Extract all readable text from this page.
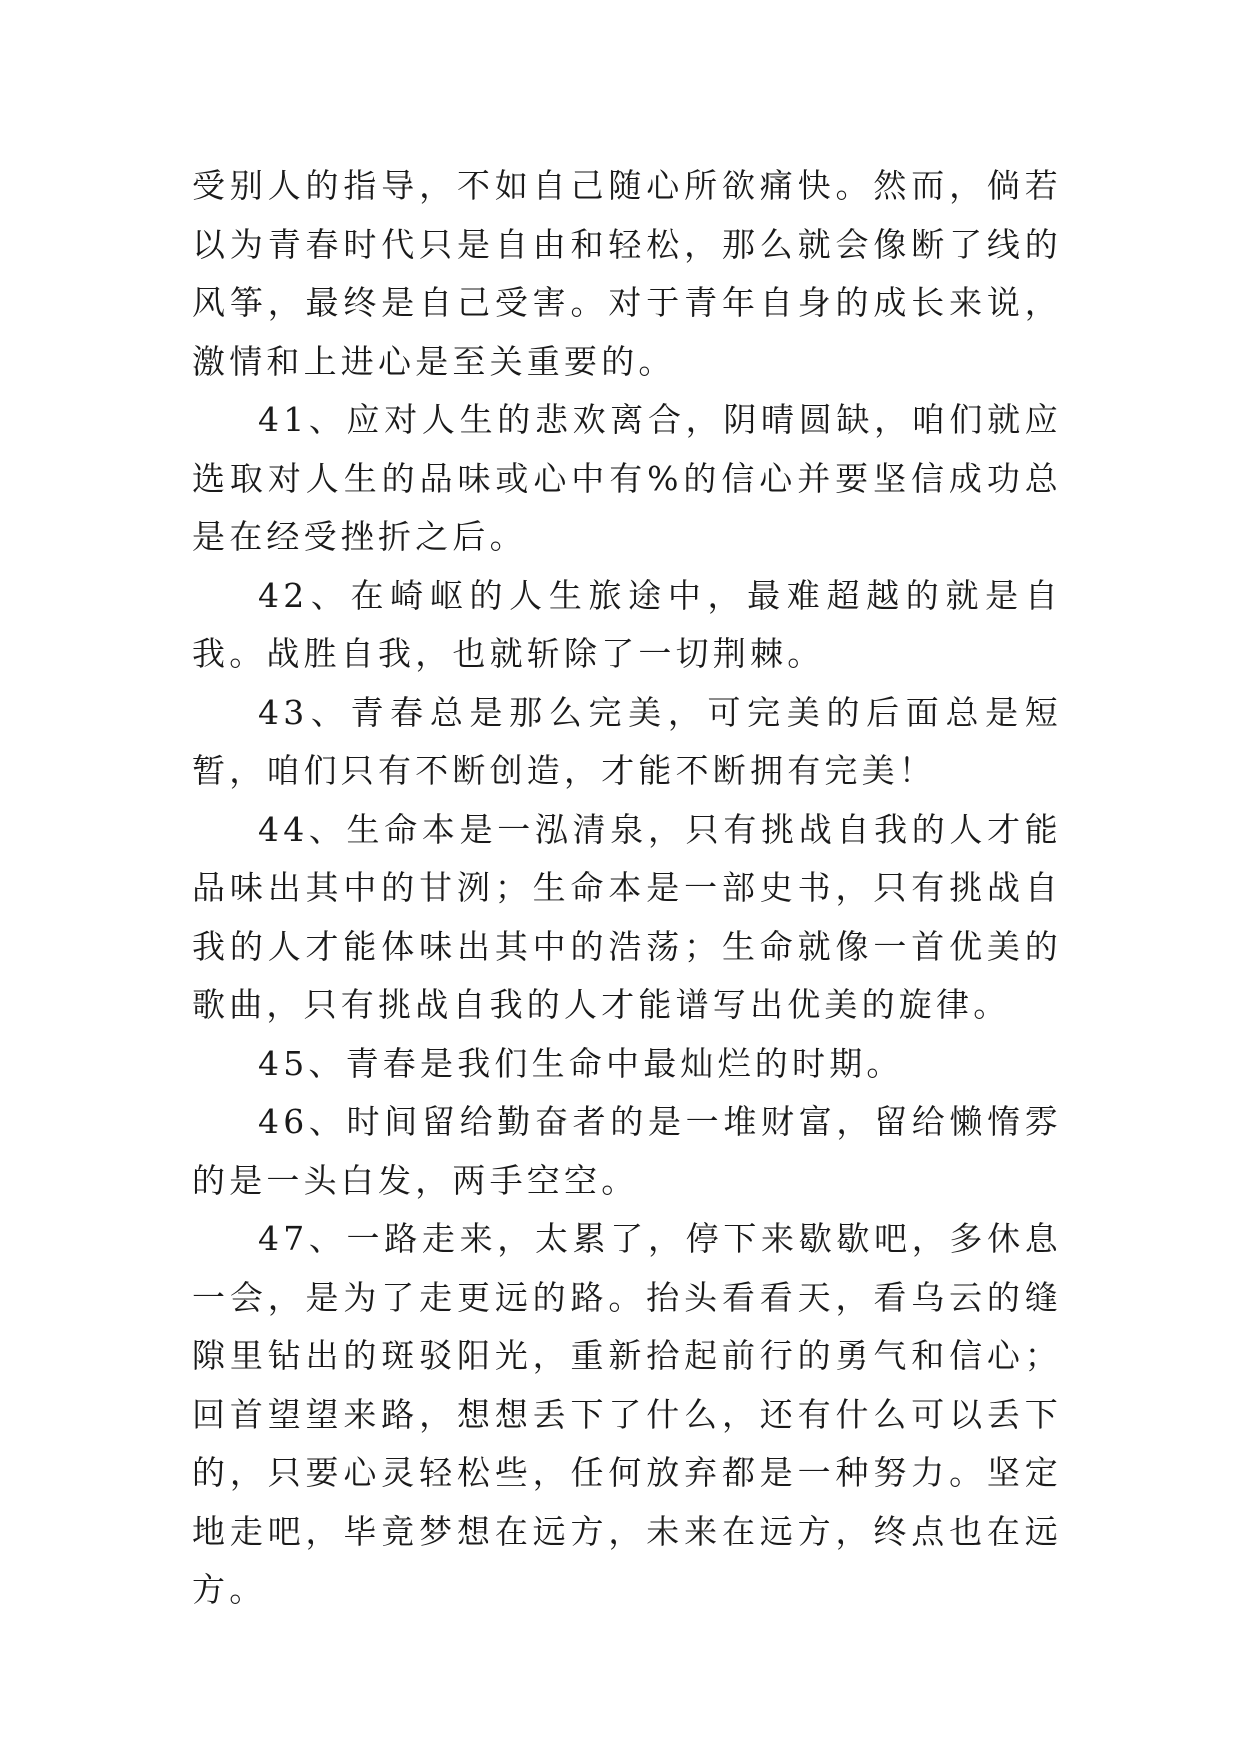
受别人的指导，不如自己随心所欲痛快。然而，倘若以为青春时代只是自由和轻松，那么就会像断了线的风筝，最终是自己受害。对于青年自身的成长来说，激情和上进心是至关重要的。

41、应对人生的悲欢离合，阴晴圆缺，咱们就应选取对人生的品味或心中有%的信心并要坚信成功总是在经受挫折之后。

42、在崎岖的人生旅途中，最难超越的就是自我。战胜自我，也就斩除了一切荆棘。

43、青春总是那么完美，可完美的后面总是短暂，咱们只有不断创造，才能不断拥有完美！

44、生命本是一泓清泉，只有挑战自我的人才能品味出其中的甘洌；生命本是一部史书，只有挑战自我的人才能体味出其中的浩荡；生命就像一首优美的歌曲，只有挑战自我的人才能谱写出优美的旋律。

45、青春是我们生命中最灿烂的时期。

46、时间留给勤奋者的是一堆财富，留给懒惰雰的是一头白发，两手空空。

47、一路走来，太累了，停下来歇歇吧，多休息一会，是为了走更远的路。抬头看看天，看乌云的缝隙里钻出的斑驳阳光，重新拾起前行的勇气和信心；回首望望来路，想想丢下了什么，还有什么可以丢下的，只要心灵轻松些，任何放弃都是一种努力。坚定地走吧，毕竟梦想在远方，未来在远方，终点也在远方。
